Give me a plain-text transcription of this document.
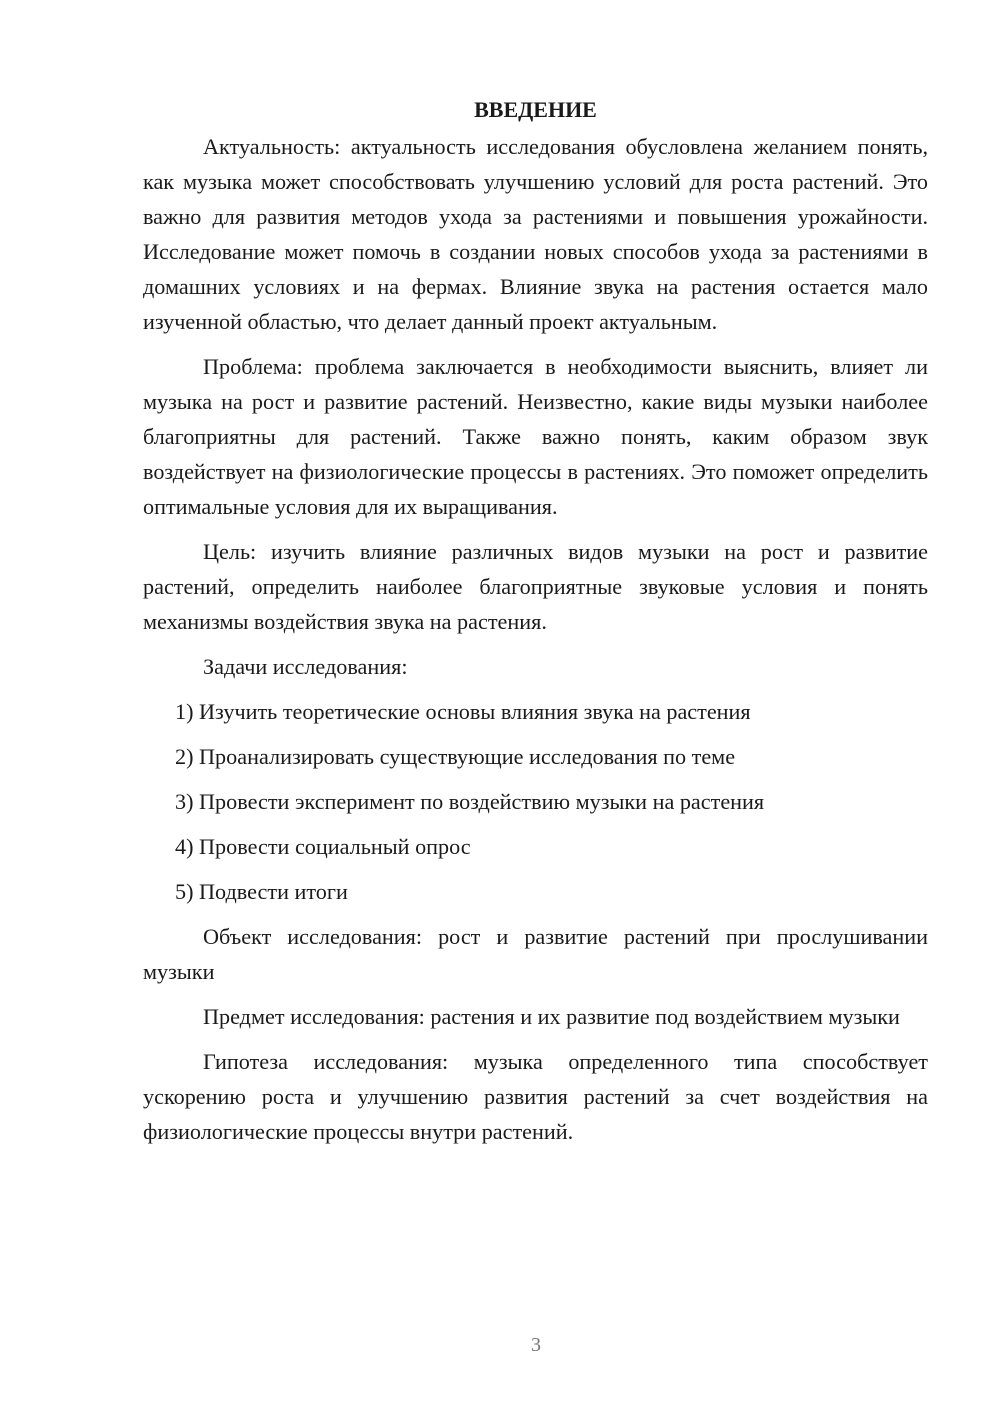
ВВЕДЕНИЕ

Актуальность: актуальность исследования обусловлена желанием понять, как музыка может способствовать улучшению условий для роста растений. Это важно для развития методов ухода за растениями и повышения урожайности. Исследование может помочь в создании новых способов ухода за растениями в домашних условиях и на фермах. Влияние звука на растения остается мало изученной областью, что делает данный проект актуальным.

Проблема: проблема заключается в необходимости выяснить, влияет ли музыка на рост и развитие растений. Неизвестно, какие виды музыки наиболее благоприятны для растений. Также важно понять, каким образом звук воздействует на физиологические процессы в растениях. Это поможет определить оптимальные условия для их выращивания.

Цель: изучить влияние различных видов музыки на рост и развитие растений, определить наиболее благоприятные звуковые условия и понять механизмы воздействия звука на растения.

Задачи исследования:
1) Изучить теоретические основы влияния звука на растения
2) Проанализировать существующие исследования по теме
3) Провести эксперимент по воздействию музыки на растения
4) Провести социальный опрос
5) Подвести итоги

Объект исследования: рост и развитие растений при прослушивании музыки

Предмет исследования: растения и их развитие под воздействием музыки

Гипотеза исследования: музыка определенного типа способствует ускорению роста и улучшению развития растений за счет воздействия на физиологические процессы внутри растений.

3
